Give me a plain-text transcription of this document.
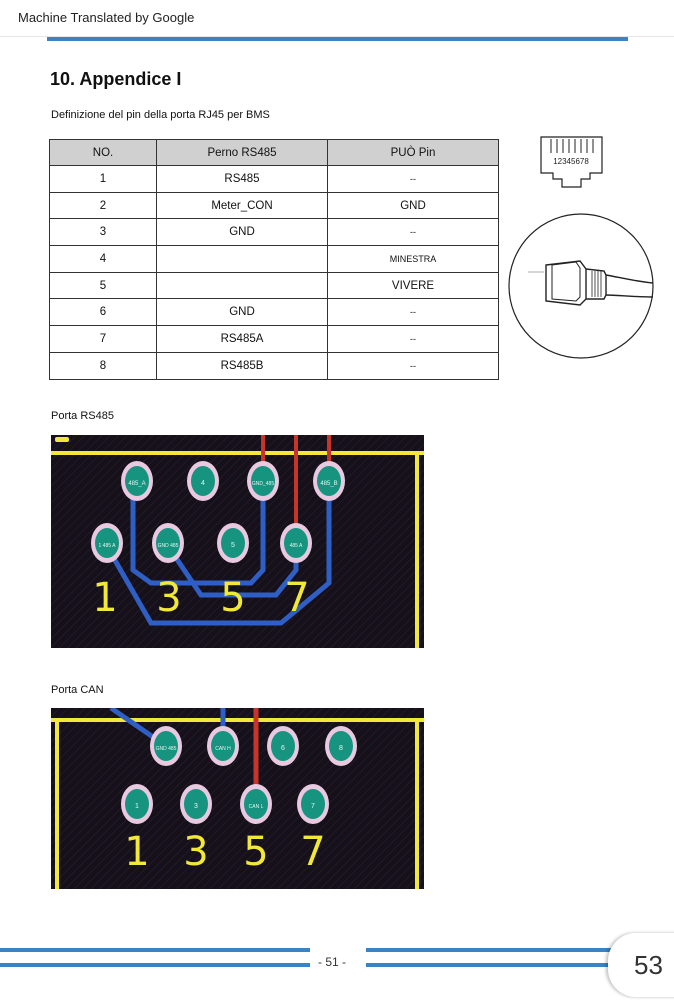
Machine Translated by Google
10. Appendice I
Definizione del pin della porta RJ45 per BMS
NO.	Perno RS485	PUÒ Pin
1	RS485	--
2	Meter_CON	GND
3	GND	--
4		MINESTRA
5		VIVERE
6	GND	--
7	RS485A	--
8	RS485B	--
12345678
Porta RS485
485_A	4	GND_485	485_B
1 485 A	GND 485	5	485 A
1 3 5 7
Porta CAN
GND 485	CAN H	6	8
1	3	CAN L	7
1 3 5 7
- 51 -	53
